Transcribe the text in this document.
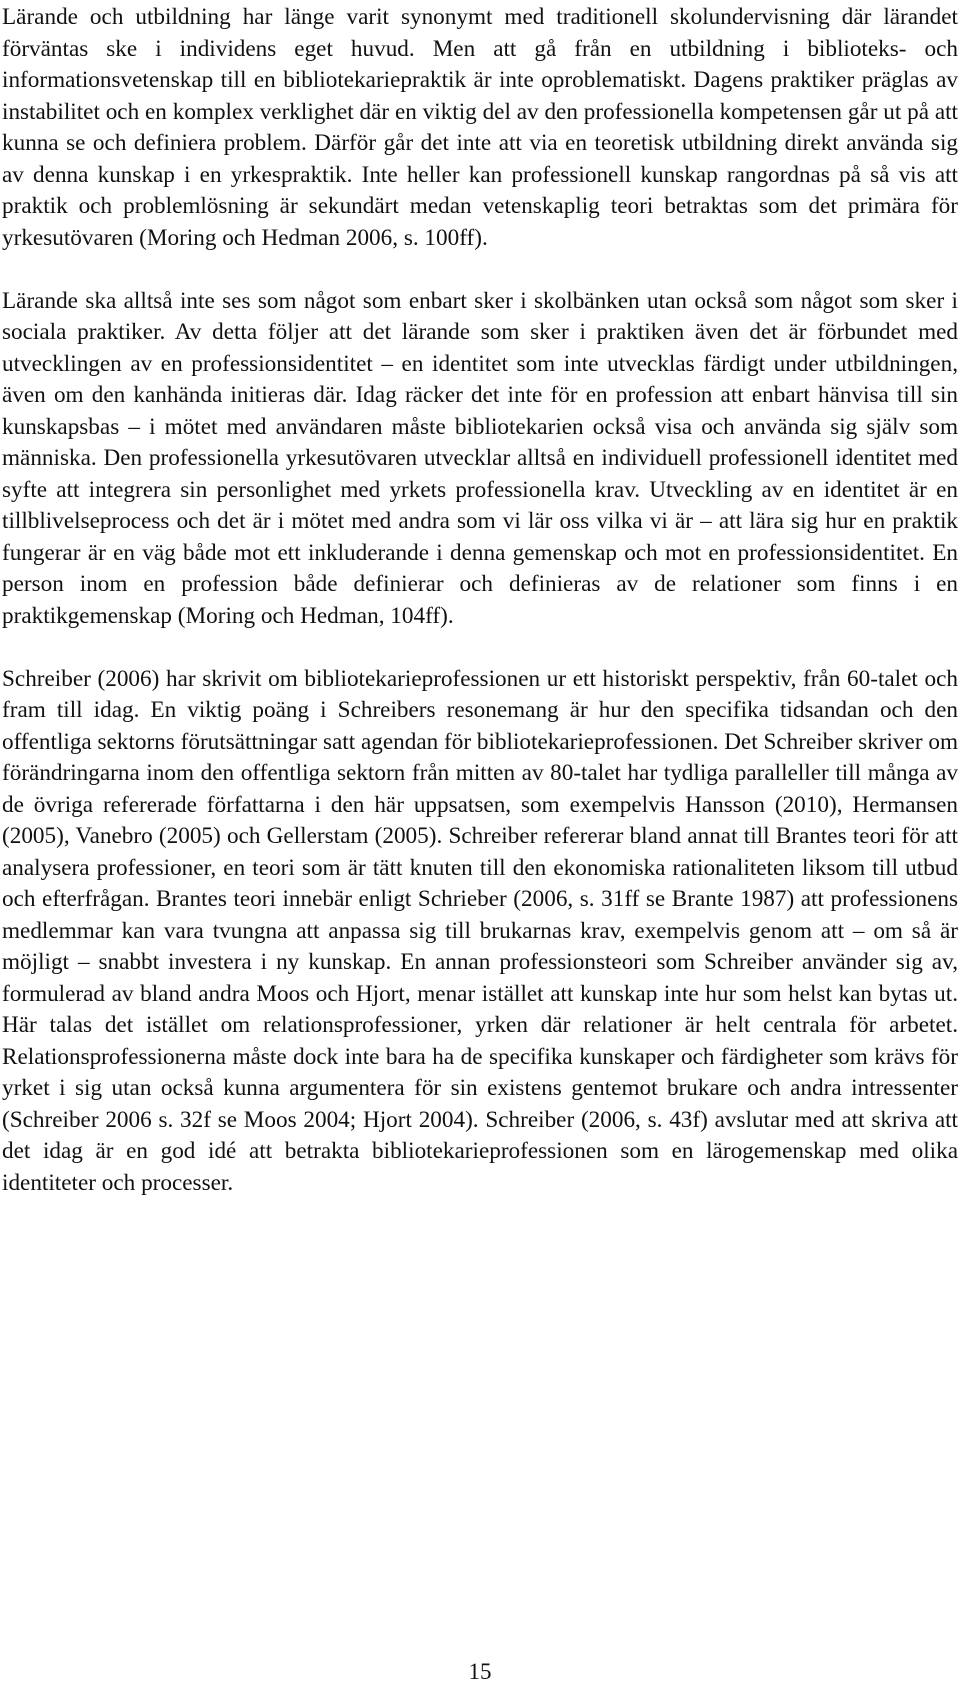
Lärande och utbildning har länge varit synonymt med traditionell skolundervisning där lärandet förväntas ske i individens eget huvud. Men att gå från en utbildning i biblioteks- och informationsvetenskap till en bibliotekariepraktik är inte oproblematiskt. Dagens praktiker präglas av instabilitet och en komplex verklighet där en viktig del av den professionella kompetensen går ut på att kunna se och definiera problem. Därför går det inte att via en teoretisk utbildning direkt använda sig av denna kunskap i en yrkespraktik. Inte heller kan professionell kunskap rangordnas på så vis att praktik och problemlösning är sekundärt medan vetenskaplig teori betraktas som det primära för yrkesutövaren (Moring och Hedman 2006, s. 100ff).

Lärande ska alltså inte ses som något som enbart sker i skolbänken utan också som något som sker i sociala praktiker. Av detta följer att det lärande som sker i praktiken även det är förbundet med utvecklingen av en professionsidentitet – en identitet som inte utvecklas färdigt under utbildningen, även om den kanhända initieras där. Idag räcker det inte för en profession att enbart hänvisa till sin kunskapsbas – i mötet med användaren måste bibliotekarien också visa och använda sig själv som människa. Den professionella yrkesutövaren utvecklar alltså en individuell professionell identitet med syfte att integrera sin personlighet med yrkets professionella krav. Utveckling av en identitet är en tillblivelseprocess och det är i mötet med andra som vi lär oss vilka vi är – att lära sig hur en praktik fungerar är en väg både mot ett inkluderande i denna gemenskap och mot en professionsidentitet. En person inom en profession både definierar och definieras av de relationer som finns i en praktikgemenskap (Moring och Hedman, 104ff).

Schreiber (2006) har skrivit om bibliotekarieprofessionen ur ett historiskt perspektiv, från 60-talet och fram till idag. En viktig poäng i Schreibers resonemang är hur den specifika tidsandan och den offentliga sektorns förutsättningar satt agendan för bibliotekarieprofessionen. Det Schreiber skriver om förändringarna inom den offentliga sektorn från mitten av 80-talet har tydliga paralleller till många av de övriga refererade författarna i den här uppsatsen, som exempelvis Hansson (2010), Hermansen (2005), Vanebro (2005) och Gellerstam (2005). Schreiber refererar bland annat till Brantes teori för att analysera professioner, en teori som är tätt knuten till den ekonomiska rationaliteten liksom till utbud och efterfrågan. Brantes teori innebär enligt Schrieber (2006, s. 31ff se Brante 1987) att professionens medlemmar kan vara tvungna att anpassa sig till brukarnas krav, exempelvis genom att – om så är möjligt – snabbt investera i ny kunskap. En annan professionsteori som Schreiber använder sig av, formulerad av bland andra Moos och Hjort, menar istället att kunskap inte hur som helst kan bytas ut. Här talas det istället om relationsprofessioner, yrken där relationer är helt centrala för arbetet. Relationsprofessionerna måste dock inte bara ha de specifika kunskaper och färdigheter som krävs för yrket i sig utan också kunna argumentera för sin existens gentemot brukare och andra intressenter (Schreiber 2006 s. 32f se Moos 2004; Hjort 2004). Schreiber (2006, s. 43f) avslutar med att skriva att det idag är en god idé att betrakta bibliotekarieprofessionen som en lärogemenskap med olika identiteter och processer.

15
